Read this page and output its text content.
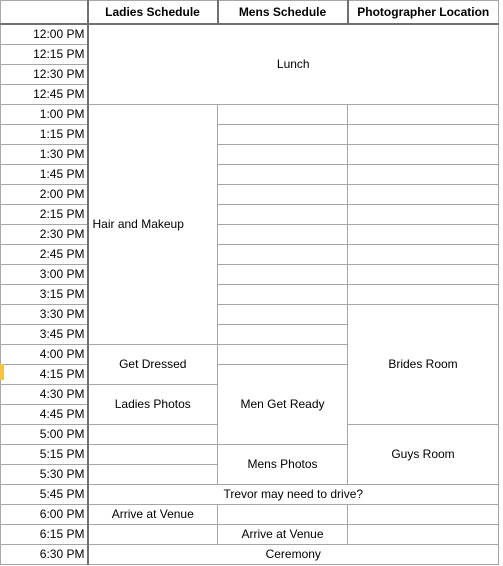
	Ladies Schedule	Mens Schedule	Photographer Location
12:00 PM	Lunch		
12:15 PM			
12:30 PM			
12:45 PM			
1:00 PM	Hair and Makeup		
1:15 PM			
1:30 PM			
1:45 PM			
2:00 PM			
2:15 PM			
2:30 PM			
2:45 PM			
3:00 PM			
3:15 PM			
3:30 PM			Brides Room
3:45 PM			
4:00 PM	Get Dressed		
4:15 PM		Men Get Ready	
4:30 PM	Ladies Photos		
4:45 PM			
5:00 PM			Guys Room
5:15 PM		Mens Photos	
5:30 PM			
5:45 PM	Trevor may need to drive?		
6:00 PM	Arrive at Venue		
6:15 PM		Arrive at Venue	
6:30 PM	Ceremony		
